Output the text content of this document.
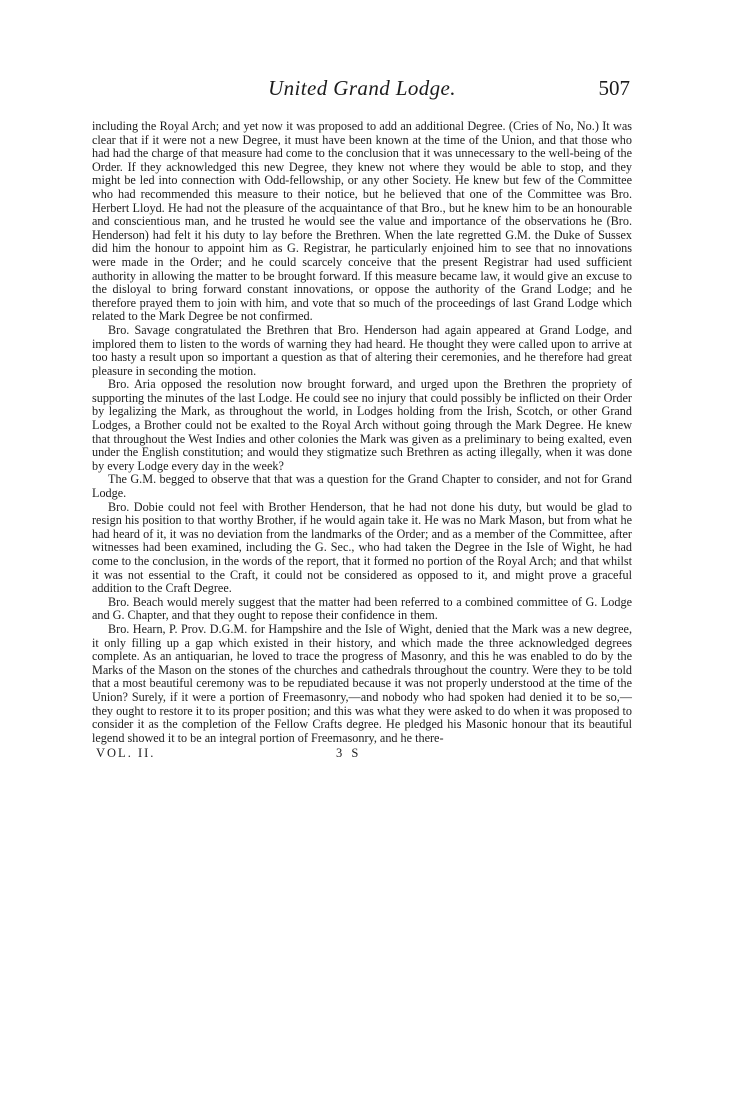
United Grand Lodge.	507

including the Royal Arch; and yet now it was proposed to add an additional Degree. (Cries of No, No.) It was clear that if it were not a new Degree, it must have been known at the time of the Union, and that those who had had the charge of that measure had come to the conclusion that it was unnecessary to the well-being of the Order. If they acknowledged this new Degree, they knew not where they would be able to stop, and they might be led into connection with Odd-fellowship, or any other Society. He knew but few of the Committee who had recommended this measure to their notice, but he believed that one of the Committee was Bro. Herbert Lloyd. He had not the pleasure of the acquaintance of that Bro., but he knew him to be an honourable and conscientious man, and he trusted he would see the value and importance of the observations he (Bro. Henderson) had felt it his duty to lay before the Brethren. When the late regretted G.M. the Duke of Sussex did him the honour to appoint him as G. Registrar, he particularly enjoined him to see that no innovations were made in the Order; and he could scarcely conceive that the present Registrar had used sufficient authority in allowing the matter to be brought forward. If this measure became law, it would give an excuse to the disloyal to bring forward constant innovations, or oppose the authority of the Grand Lodge; and he therefore prayed them to join with him, and vote that so much of the proceedings of last Grand Lodge which related to the Mark Degree be not confirmed.

Bro. Savage congratulated the Brethren that Bro. Henderson had again appeared at Grand Lodge, and implored them to listen to the words of warning they had heard. He thought they were called upon to arrive at too hasty a result upon so important a question as that of altering their ceremonies, and he therefore had great pleasure in seconding the motion.

Bro. Aria opposed the resolution now brought forward, and urged upon the Brethren the propriety of supporting the minutes of the last Lodge. He could see no injury that could possibly be inflicted on their Order by legalizing the Mark, as throughout the world, in Lodges holding from the Irish, Scotch, or other Grand Lodges, a Brother could not be exalted to the Royal Arch without going through the Mark Degree. He knew that throughout the West Indies and other colonies the Mark was given as a preliminary to being exalted, even under the English constitution; and would they stigmatize such Brethren as acting illegally, when it was done by every Lodge every day in the week?

The G.M. begged to observe that that was a question for the Grand Chapter to consider, and not for Grand Lodge.

Bro. Dobie could not feel with Brother Henderson, that he had not done his duty, but would be glad to resign his position to that worthy Brother, if he would again take it. He was no Mark Mason, but from what he had heard of it, it was no deviation from the landmarks of the Order; and as a member of the Committee, after witnesses had been examined, including the G. Sec., who had taken the Degree in the Isle of Wight, he had come to the conclusion, in the words of the report, that it formed no portion of the Royal Arch; and that whilst it was not essential to the Craft, it could not be considered as opposed to it, and might prove a graceful addition to the Craft Degree.

Bro. Beach would merely suggest that the matter had been referred to a combined committee of G. Lodge and G. Chapter, and that they ought to repose their confidence in them.

Bro. Hearn, P. Prov. D.G.M. for Hampshire and the Isle of Wight, denied that the Mark was a new degree, it only filling up a gap which existed in their history, and which made the three acknowledged degrees complete. As an antiquarian, he loved to trace the progress of Masonry, and this he was enabled to do by the Marks of the Mason on the stones of the churches and cathedrals throughout the country. Were they to be told that a most beautiful ceremony was to be repudiated because it was not properly understood at the time of the Union? Surely, if it were a portion of Freemasonry,—and nobody who had spoken had denied it to be so,—they ought to restore it to its proper position; and this was what they were asked to do when it was proposed to consider it as the completion of the Fellow Crafts degree. He pledged his Masonic honour that its beautiful legend showed it to be an integral portion of Freemasonry, and he there-

VOL. II.	3 S
